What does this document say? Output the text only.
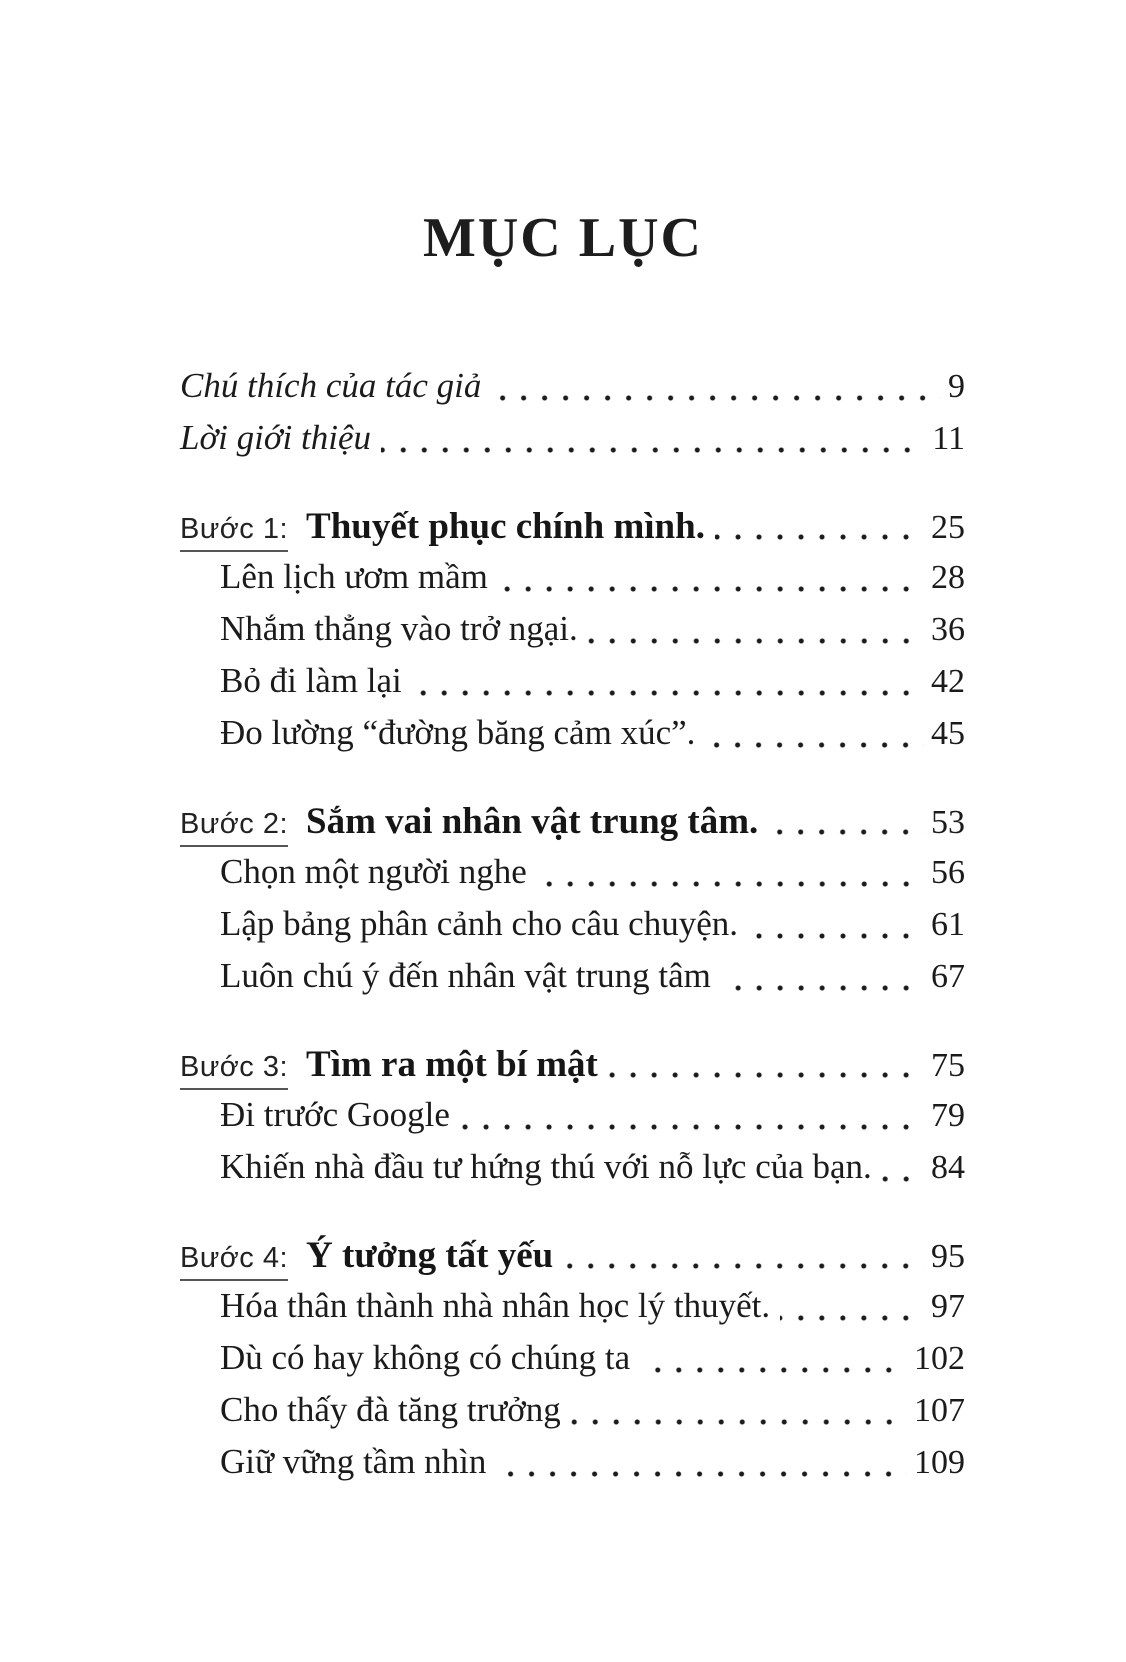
MỤC LỤC
Chú thích của tác giả	9
Lời giới thiệu	11
Bước 1: Thuyết phục chính mình.	25
Lên lịch ươm mầm	28
Nhắm thẳng vào trở ngại.	36
Bỏ đi làm lại	42
Đo lường “đường băng cảm xúc”.	45
Bước 2: Sắm vai nhân vật trung tâm.	53
Chọn một người nghe	56
Lập bảng phân cảnh cho câu chuyện.	61
Luôn chú ý đến nhân vật trung tâm	67
Bước 3: Tìm ra một bí mật	75
Đi trước Google	79
Khiến nhà đầu tư hứng thú với nỗ lực của bạn. 84
Bước 4: Ý tưởng tất yếu	95
Hóa thân thành nhà nhân học lý thuyết.	97
Dù có hay không có chúng ta	102
Cho thấy đà tăng trưởng	107
Giữ vững tầm nhìn	109
